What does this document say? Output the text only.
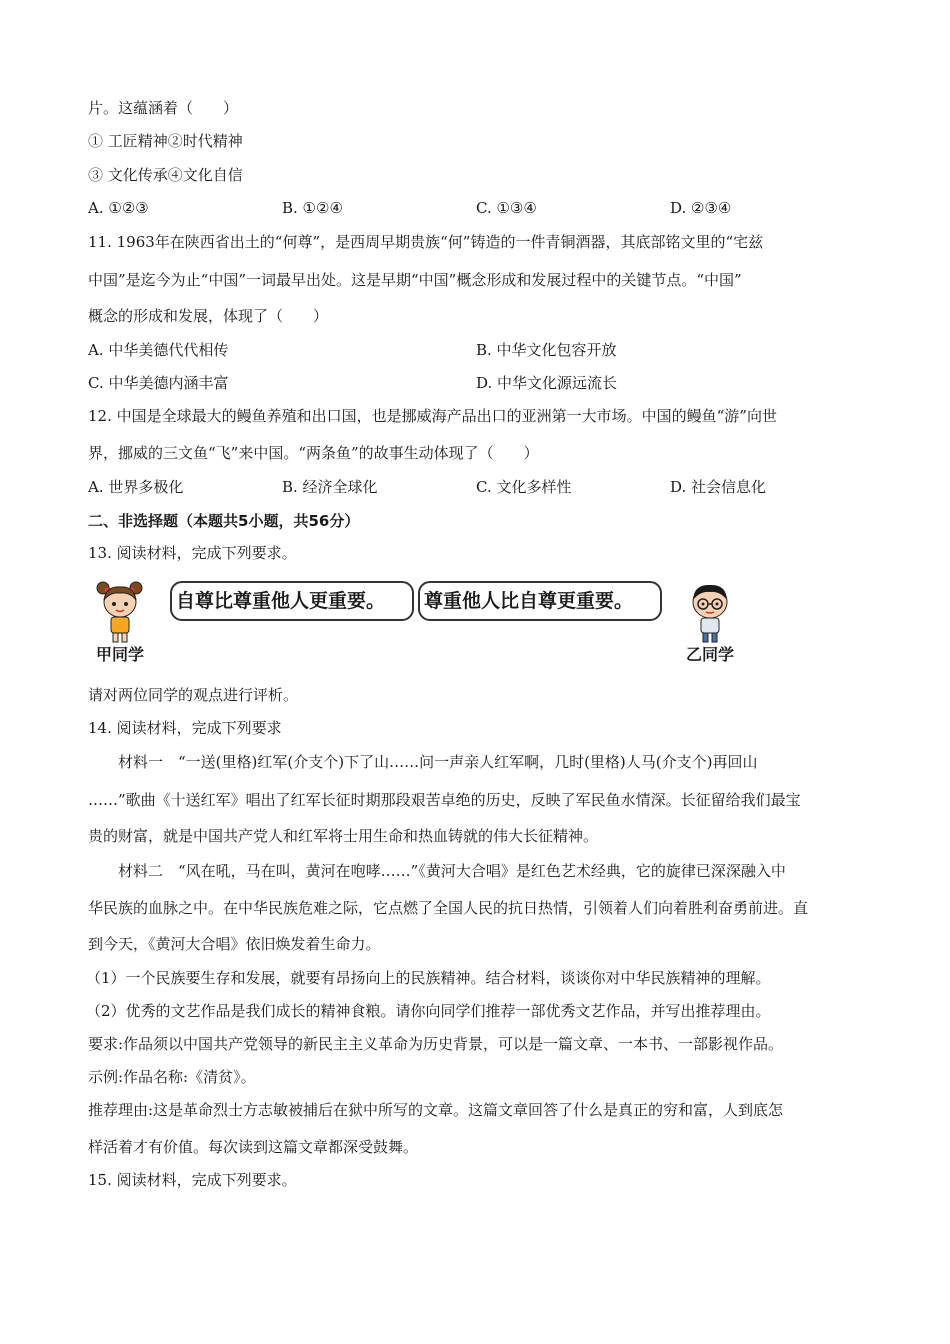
片。这蕴涵着（　　）
① 工匠精神②时代精神
③ 文化传承④文化自信
A. ①②③	B. ①②④	C. ①③④	D. ②③④
11. 1963年在陕西省出土的“何尊”，是西周早期贵族“何”铸造的一件青铜酒器，其底部铭文里的“宅兹
中国”是迄今为止“中国”一词最早出处。这是早期“中国”概念形成和发展过程中的关键节点。“中国”
概念的形成和发展，体现了（　　）
A. 中华美德代代相传	B. 中华文化包容开放
C. 中华美德内涵丰富	D. 中华文化源远流长
12. 中国是全球最大的鳗鱼养殖和出口国，也是挪威海产品出口的亚洲第一大市场。中国的鳗鱼“游”向世
界，挪威的三文鱼“飞”来中国。“两条鱼”的故事生动体现了（　　）
A. 世界多极化	B. 经济全球化	C. 文化多样性	D. 社会信息化
二、非选择题（本题共5小题，共56分）
13. 阅读材料，完成下列要求。
自尊比尊重他人更重要。	尊重他人比自尊更重要。
甲同学	乙同学
请对两位同学的观点进行评析。
14. 阅读材料，完成下列要求
材料一　“一送(里格)红军(介支个)下了山……问一声亲人红军啊，几时(里格)人马(介支个)再回山
……”歌曲《十送红军》唱出了红军长征时期那段艰苦卓绝的历史，反映了军民鱼水情深。长征留给我们最宝
贵的财富，就是中国共产党人和红军将士用生命和热血铸就的伟大长征精神。
材料二　“风在吼，马在叫，黄河在咆哮……”《黄河大合唱》是红色艺术经典，它的旋律已深深融入中
华民族的血脉之中。在中华民族危难之际，它点燃了全国人民的抗日热情，引领着人们向着胜利奋勇前进。直
到今天，《黄河大合唱》依旧焕发着生命力。
（1）一个民族要生存和发展，就要有昂扬向上的民族精神。结合材料，谈谈你对中华民族精神的理解。
（2）优秀的文艺作品是我们成长的精神食粮。请你向同学们推荐一部优秀文艺作品，并写出推荐理由。
要求:作品须以中国共产党领导的新民主主义革命为历史背景，可以是一篇文章、一本书、一部影视作品。
示例:作品名称:《清贫》。
推荐理由:这是革命烈士方志敏被捕后在狱中所写的文章。这篇文章回答了什么是真正的穷和富，人到底怎
样活着才有价值。每次读到这篇文章都深受鼓舞。
15. 阅读材料，完成下列要求。
